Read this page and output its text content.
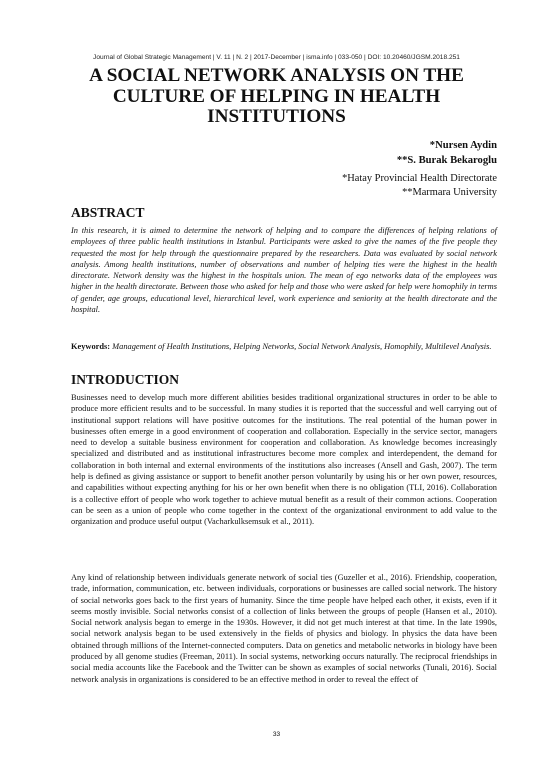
Journal of Global Strategic Management | V. 11 | N. 2 | 2017-December | isma.info | 033-050 | DOI: 10.20460/JGSM.2018.251
A SOCIAL NETWORK ANALYSIS ON THE CULTURE OF HELPING IN HEALTH INSTITUTIONS
*Nursen Aydin
**S. Burak Bekaroglu
*Hatay Provincial Health Directorate
**Marmara University
ABSTRACT
In this research, it is aimed to determine the network of helping and to compare the differences of helping relations of employees of three public health institutions in Istanbul. Participants were asked to give the names of the five people they requested the most for help through the questionnaire prepared by the researchers. Data was evaluated by social network analysis. Among health institutions, number of observations and number of helping ties were the highest in the health directorate. Network density was the highest in the hospitals union. The mean of ego networks data of the employees was higher in the health directorate. Between those who asked for help and those who were asked for help were homophily in terms of gender, age groups, educational level, hierarchical level, work experience and seniority at the health directorate and the hospital.
Keywords: Management of Health Institutions, Helping Networks, Social Network Analysis, Homophily, Multilevel Analysis.
INTRODUCTION
Businesses need to develop much more different abilities besides traditional organizational structures in order to be able to produce more efficient results and to be successful. In many studies it is reported that the successful and well carrying out of institutional support relations will have positive outcomes for the institutions. The real potential of the human power in businesses often emerge in a good environment of cooperation and collaboration. Especially in the service sector, managers need to develop a suitable business environment for cooperation and collaboration. As knowledge becomes increasingly specialized and distributed and as institutional infrastructures become more complex and interdependent, the demand for collaboration in both internal and external environments of the institutions also increases (Ansell and Gash, 2007). The term help is defined as giving assistance or support to benefit another person voluntarily by using his or her own power, resources, and capabilities without expecting anything for his or her own benefit when there is no obligation (TLI, 2016). Collaboration is a collective effort of people who work together to achieve mutual benefit as a result of their common actions. Cooperation can be seen as a union of people who come together in the context of the organizational environment to add value to the organization and produce useful output (Vacharkulksemsuk et al., 2011).
Any kind of relationship between individuals generate network of social ties (Guzeller et al., 2016). Friendship, cooperation, trade, information, communication, etc. between individuals, corporations or businesses are called social network. The history of social networks goes back to the first years of humanity. Since the time people have helped each other, it exists, even if it seems mostly invisible. Social networks consist of a collection of links between the groups of people (Hansen et al., 2010). Social network analysis began to emerge in the 1930s. However, it did not get much interest at that time. In the late 1990s, social network analysis began to be used extensively in the fields of physics and biology. In physics the data have been obtained through millions of the Internet-connected computers. Data on genetics and metabolic networks in biology have been produced by all genome studies (Freeman, 2011). In social systems, networking occurs naturally. The reciprocal friendships in social media accounts like the Facebook and the Twitter can be shown as examples of social networks (Tunali, 2016). Social network analysis in organizations is considered to be an effective method in order to reveal the effect of
33
